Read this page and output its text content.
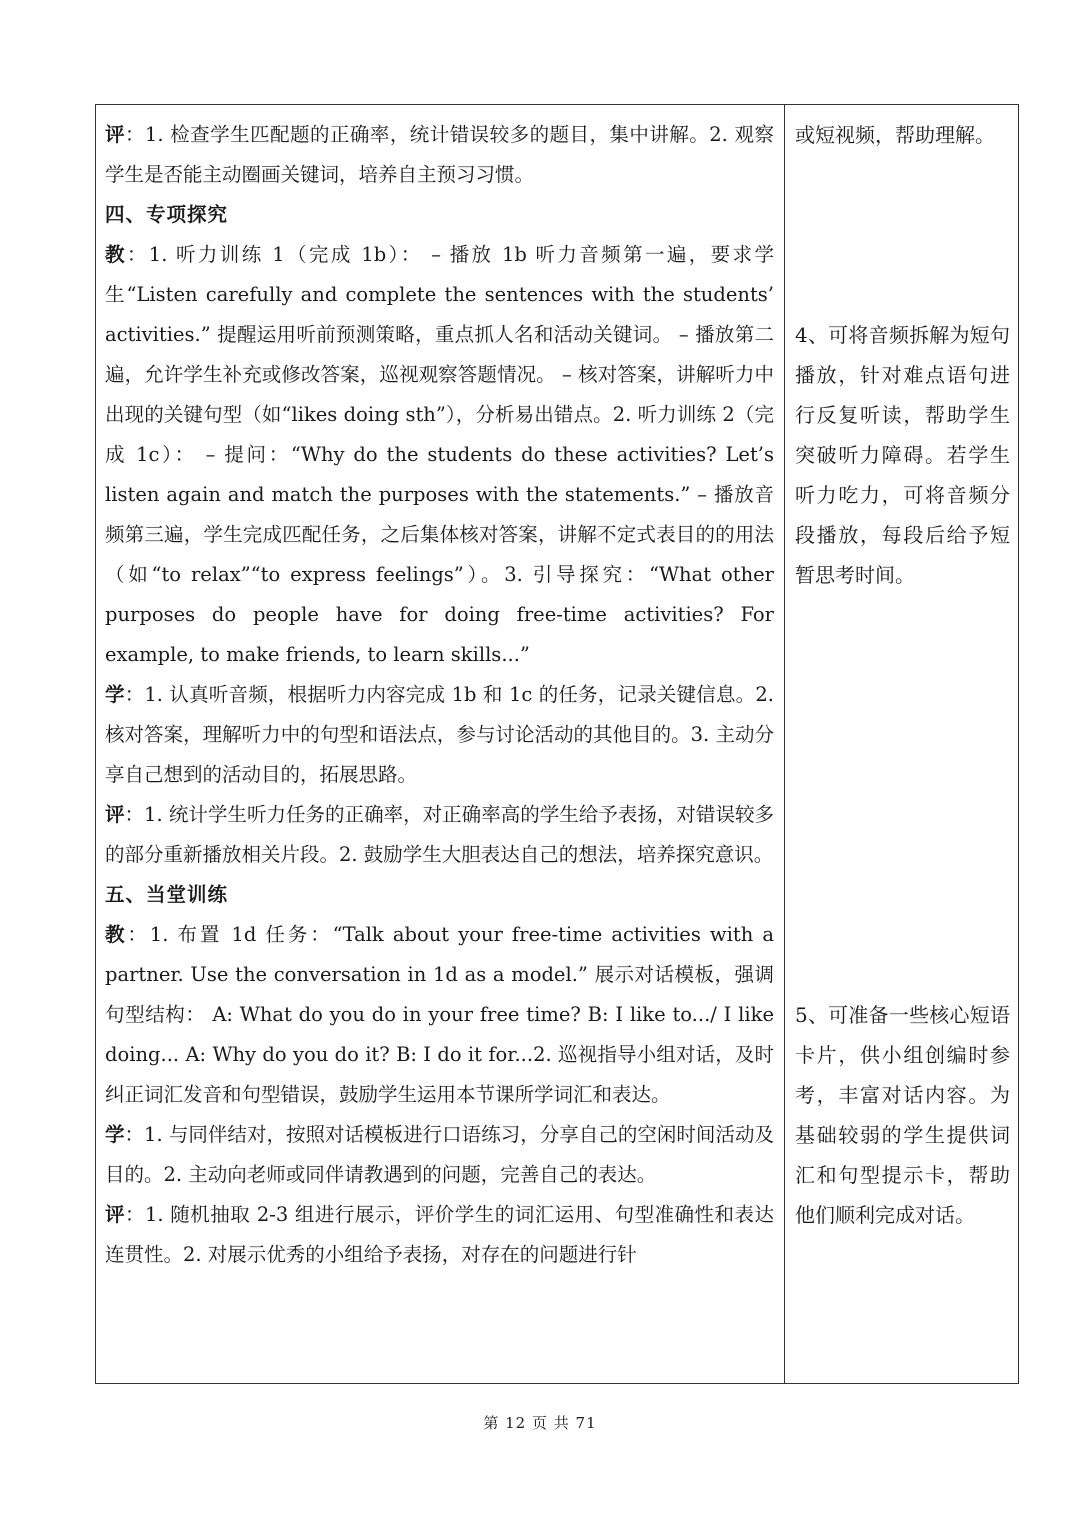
评：1. 检查学生匹配题的正确率，统计错误较多的题目，集中讲解。2. 观察学生是否能主动圈画关键词，培养自主预习习惯。

四、专项探究

教：1. 听力训练 1（完成 1b）： – 播放 1b 听力音频第一遍，要求学生“Listen carefully and complete the sentences with the students’ activities.” 提醒运用听前预测策略，重点抓人名和活动关键词。 – 播放第二遍，允许学生补充或修改答案，巡视观察答题情况。 – 核对答案，讲解听力中出现的关键句型（如“likes doing sth”），分析易出错点。2. 听力训练 2（完成 1c）： – 提问：“Why do the students do these activities? Let’s listen again and match the purposes with the statements.” – 播放音频第三遍，学生完成匹配任务，之后集体核对答案，讲解不定式表目的的用法（如“to relax”“to express feelings”）。3. 引导探究：“What other purposes do people have for doing free-time activities? For example, to make friends, to learn skills...”

学：1. 认真听音频，根据听力内容完成 1b 和 1c 的任务，记录关键信息。2. 核对答案，理解听力中的句型和语法点，参与讨论活动的其他目的。3. 主动分享自己想到的活动目的，拓展思路。

评：1. 统计学生听力任务的正确率，对正确率高的学生给予表扬，对错误较多的部分重新播放相关片段。2. 鼓励学生大胆表达自己的想法，培养探究意识。

五、当堂训练

教：1. 布置 1d 任务：“Talk about your free-time activities with a partner. Use the conversation in 1d as a model.” 展示对话模板，强调句型结构： A: What do you do in your free time? B: I like to.../ I like doing... A: Why do you do it? B: I do it for...2. 巡视指导小组对话，及时纠正词汇发音和句型错误，鼓励学生运用本节课所学词汇和表达。

学：1. 与同伴结对，按照对话模板进行口语练习，分享自己的空闲时间活动及目的。2. 主动向老师或同伴请教遇到的问题，完善自己的表达。

评：1. 随机抽取 2-3 组进行展示，评价学生的词汇运用、句型准确性和表达连贯性。2. 对展示优秀的小组给予表扬，对存在的问题进行针

或短视频，帮助理解。

4、可将音频拆解为短句播放，针对难点语句进行反复听读，帮助学生突破听力障碍。若学生听力吃力，可将音频分段播放，每段后给予短暂思考时间。

5、可准备一些核心短语卡片，供小组创编时参考，丰富对话内容。为基础较弱的学生提供词汇和句型提示卡，帮助他们顺利完成对话。

第 12 页 共 71
